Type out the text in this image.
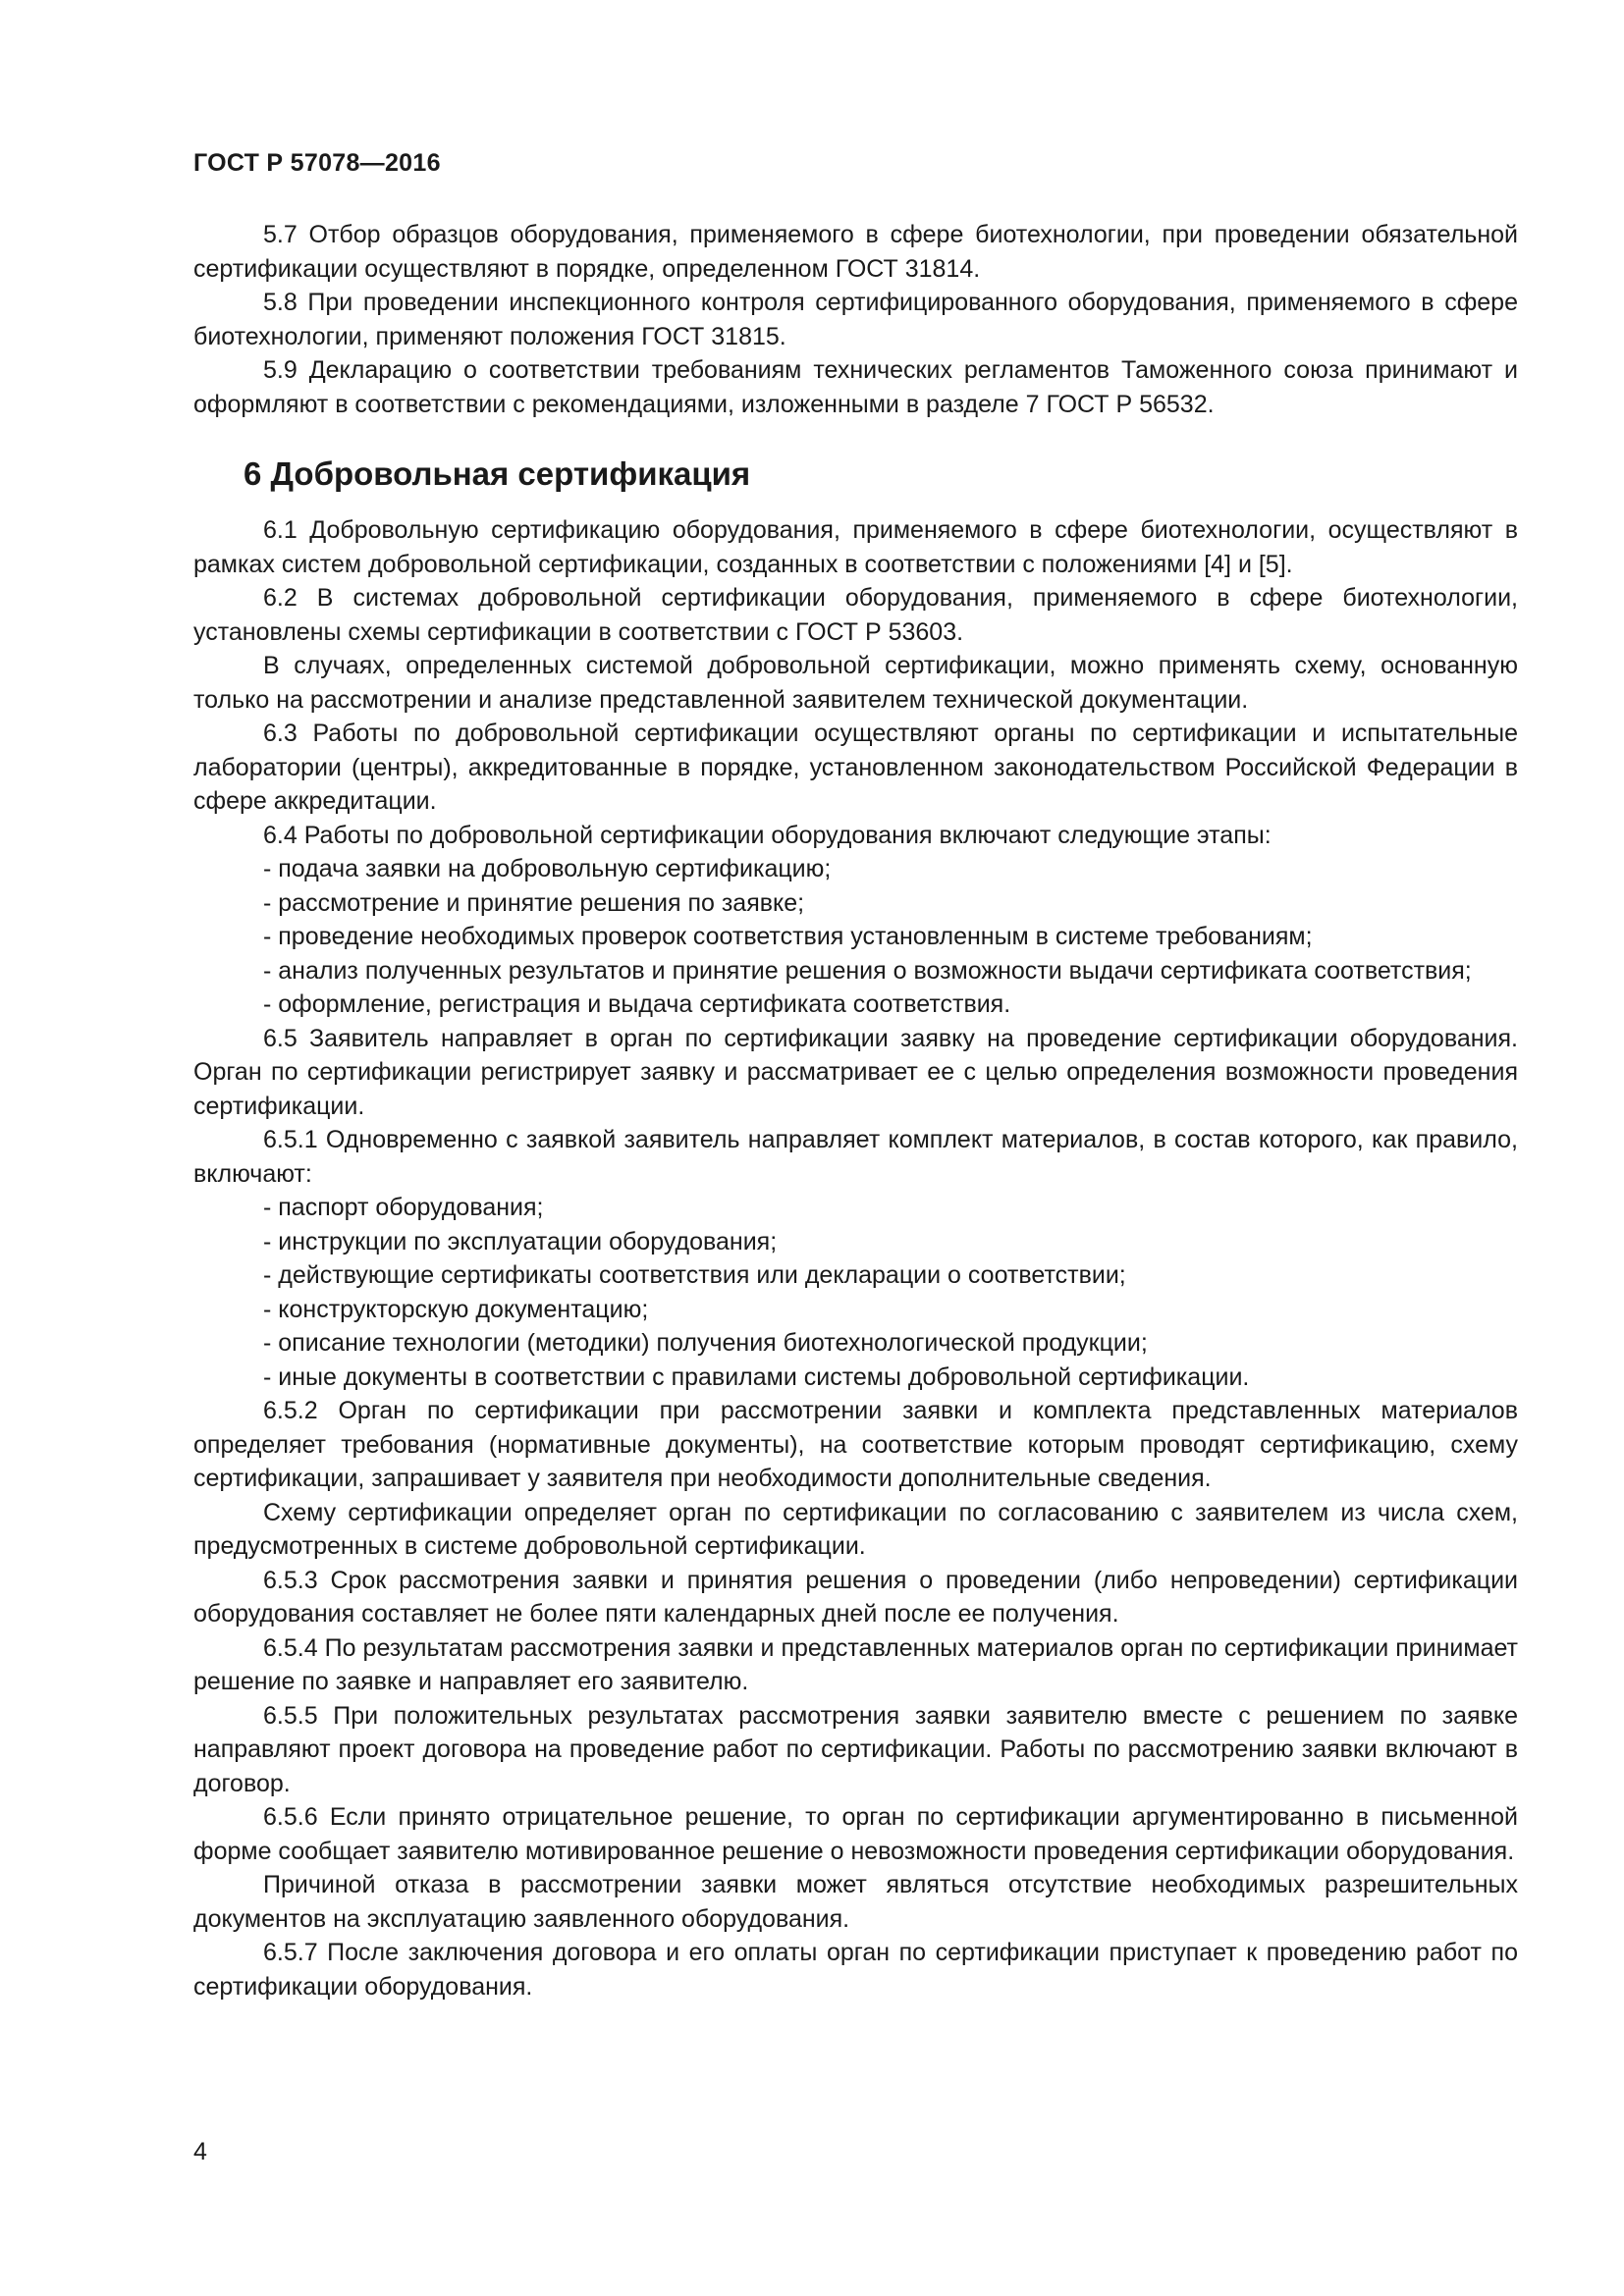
ГОСТ Р 57078—2016

5.7 Отбор образцов оборудования, применяемого в сфере биотехнологии, при проведении обязательной сертификации осуществляют в порядке, определенном ГОСТ 31814.

5.8 При проведении инспекционного контроля сертифицированного оборудования, применяемого в сфере биотехнологии, применяют положения ГОСТ 31815.

5.9 Декларацию о соответствии требованиям технических регламентов Таможенного союза принимают и оформляют в соответствии с рекомендациями, изложенными в разделе 7 ГОСТ Р 56532.

6 Добровольная сертификация

6.1 Добровольную сертификацию оборудования, применяемого в сфере биотехнологии, осуществляют в рамках систем добровольной сертификации, созданных в соответствии с положениями [4] и [5].

6.2 В системах добровольной сертификации оборудования, применяемого в сфере биотехнологии, установлены схемы сертификации в соответствии с ГОСТ Р 53603.

В случаях, определенных системой добровольной сертификации, можно применять схему, основанную только на рассмотрении и анализе представленной заявителем технической документации.

6.3 Работы по добровольной сертификации осуществляют органы по сертификации и испытательные лаборатории (центры), аккредитованные в порядке, установленном законодательством Российской Федерации в сфере аккредитации.

6.4 Работы по добровольной сертификации оборудования включают следующие этапы:

- подача заявки на добровольную сертификацию;

- рассмотрение и принятие решения по заявке;

- проведение необходимых проверок соответствия установленным в системе требованиям;

- анализ полученных результатов и принятие решения о возможности выдачи сертификата соответствия;

- оформление, регистрация и выдача сертификата соответствия.

6.5 Заявитель направляет в орган по сертификации заявку на проведение сертификации оборудования. Орган по сертификации регистрирует заявку и рассматривает ее с целью определения возможности проведения сертификации.

6.5.1 Одновременно с заявкой заявитель направляет комплект материалов, в состав которого, как правило, включают:

- паспорт оборудования;

- инструкции по эксплуатации оборудования;

- действующие сертификаты соответствия или декларации о соответствии;

- конструкторскую документацию;

- описание технологии (методики) получения биотехнологической продукции;

- иные документы в соответствии с правилами системы добровольной сертификации.

6.5.2 Орган по сертификации при рассмотрении заявки и комплекта представленных материалов определяет требования (нормативные документы), на соответствие которым проводят сертификацию, схему сертификации, запрашивает у заявителя при необходимости дополнительные сведения.

Схему сертификации определяет орган по сертификации по согласованию с заявителем из числа схем, предусмотренных в системе добровольной сертификации.

6.5.3 Срок рассмотрения заявки и принятия решения о проведении (либо непроведении) сертификации оборудования составляет не более пяти календарных дней после ее получения.

6.5.4 По результатам рассмотрения заявки и представленных материалов орган по сертификации принимает решение по заявке и направляет его заявителю.

6.5.5 При положительных результатах рассмотрения заявки заявителю вместе с решением по заявке направляют проект договора на проведение работ по сертификации. Работы по рассмотрению заявки включают в договор.

6.5.6 Если принято отрицательное решение, то орган по сертификации аргументированно в письменной форме сообщает заявителю мотивированное решение о невозможности проведения сертификации оборудования.

Причиной отказа в рассмотрении заявки может являться отсутствие необходимых разрешительных документов на эксплуатацию заявленного оборудования.

6.5.7 После заключения договора и его оплаты орган по сертификации приступает к проведению работ по сертификации оборудования.

4
